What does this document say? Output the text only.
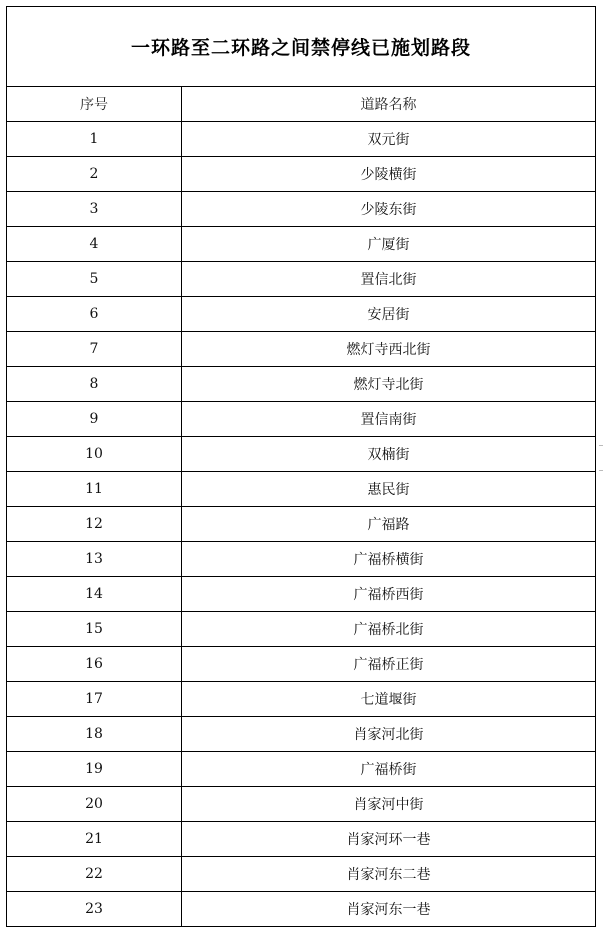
一环路至二环路之间禁停线已施划路段	
序号	道路名称
1	双元街
2	少陵横街
3	少陵东街
4	广厦街
5	置信北街
6	安居街
7	燃灯寺西北街
8	燃灯寺北街
9	置信南街
10	双楠街
11	惠民街
12	广福路
13	广福桥横街
14	广福桥西街
15	广福桥北街
16	广福桥正街
17	七道堰街
18	肖家河北街
19	广福桥街
20	肖家河中街
21	肖家河环一巷
22	肖家河东二巷
23	肖家河东一巷
